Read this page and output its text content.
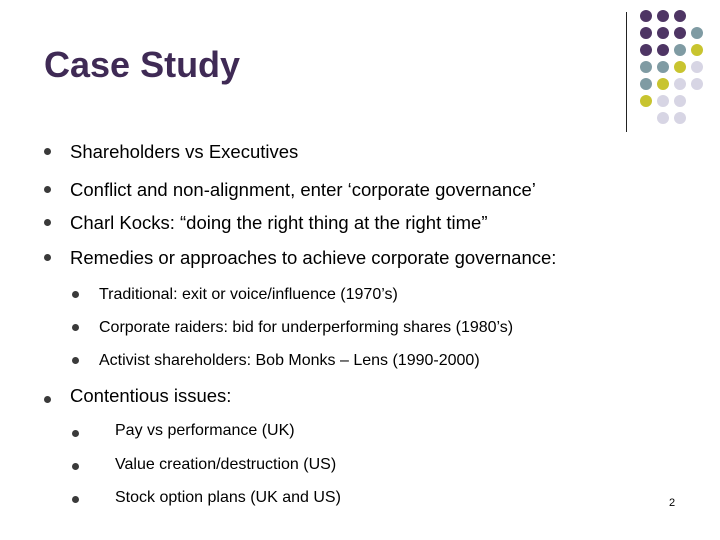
Case Study
Shareholders vs Executives
Conflict and non-alignment, enter ‘corporate governance’
Charl Kocks: “doing the right thing at the right time”
Remedies or approaches to achieve corporate governance:
Traditional: exit or voice/influence (1970’s)
Corporate raiders: bid for underperforming shares (1980’s)
Activist shareholders: Bob Monks – Lens (1990-2000)
Contentious issues:
Pay vs performance (UK)
Value creation/destruction (US)
Stock option plans (UK and US)	2
